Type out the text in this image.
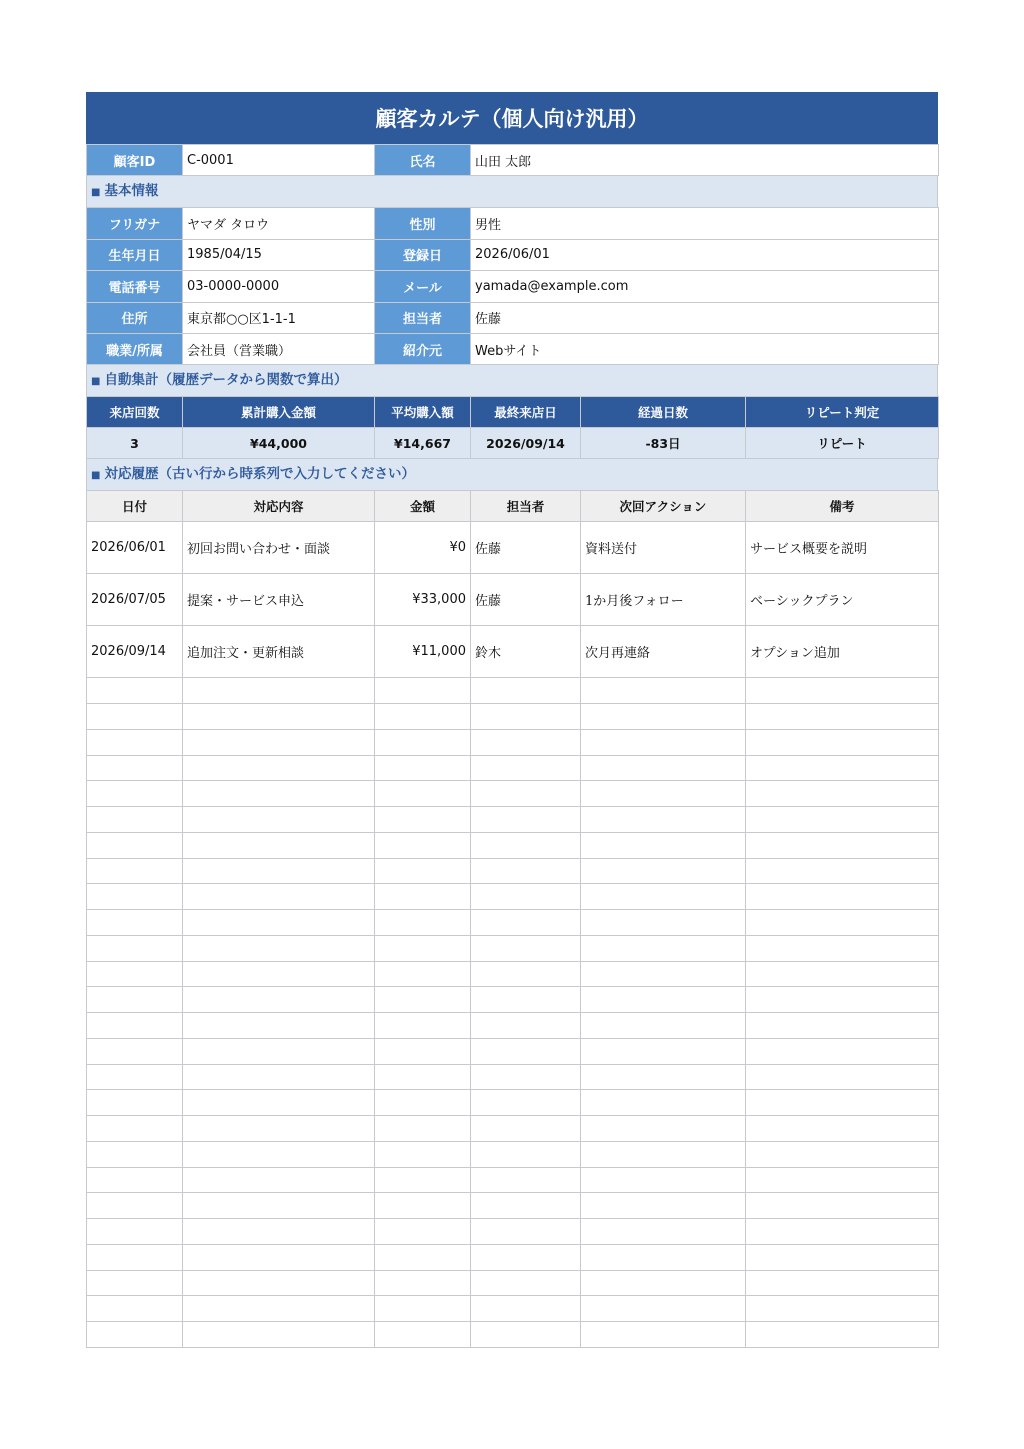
顧客カルテ（個人向け汎用）
顧客ID	C-0001	氏名	山田 太郎
■ 基本情報
フリガナ	ヤマダ タロウ	性別	男性
生年月日	1985/04/15	登録日	2026/06/01
電話番号	03-0000-0000	メール	yamada@example.com
住所	東京都○○区1-1-1	担当者	佐藤
職業/所属	会社員（営業職）	紹介元	Webサイト
■ 自動集計（履歴データから関数で算出）
来店回数	累計購入金額	平均購入額	最終来店日	経過日数	リピート判定
3	¥44,000	¥14,667	2026/09/14	-83日	リピート
■ 対応履歴（古い行から時系列で入力してください）
日付	対応内容	金額	担当者	次回アクション	備考
2026/06/01	初回お問い合わせ・面談	¥0	佐藤	資料送付	サービス概要を説明
2026/07/05	提案・サービス申込	¥33,000	佐藤	1か月後フォロー	ベーシックプラン
2026/09/14	追加注文・更新相談	¥11,000	鈴木	次月再連絡	オプション追加
